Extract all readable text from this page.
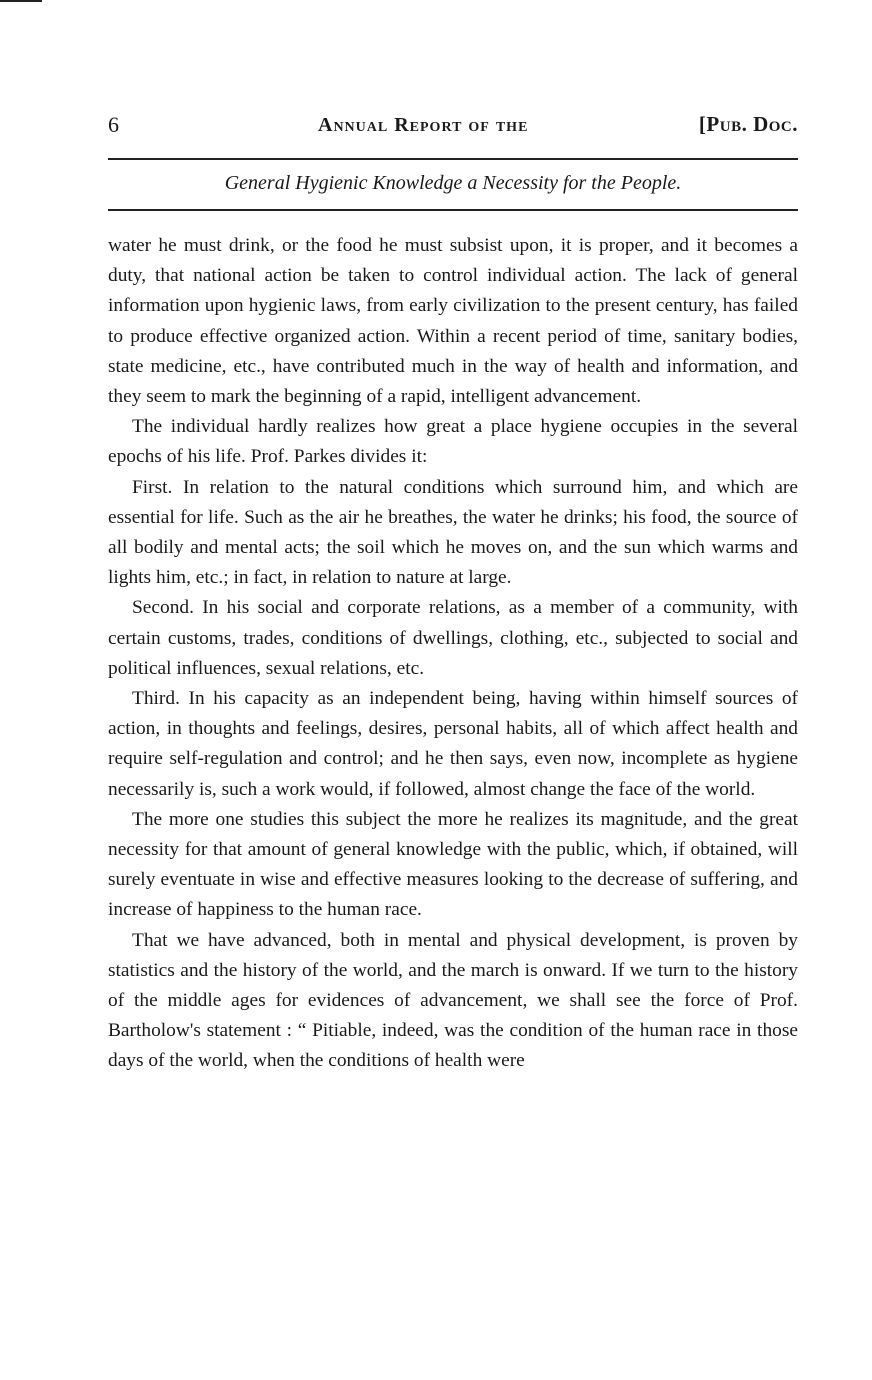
6	Annual Report of the	[Pub. Doc.
General Hygienic Knowledge a Necessity for the People.

water he must drink, or the food he must subsist upon, it is proper, and it becomes a duty, that national action be taken to control individual action. The lack of general information upon hygienic laws, from early civilization to the present century, has failed to produce effective organized action. Within a recent period of time, sanitary bodies, state medicine, etc., have contributed much in the way of health and information, and they seem to mark the beginning of a rapid, intelligent advancement.

The individual hardly realizes how great a place hygiene occupies in the several epochs of his life. Prof. Parkes divides it:

First. In relation to the natural conditions which surround him, and which are essential for life. Such as the air he breathes, the water he drinks; his food, the source of all bodily and mental acts; the soil which he moves on, and the sun which warms and lights him, etc.; in fact, in relation to nature at large.

Second. In his social and corporate relations, as a member of a community, with certain customs, trades, conditions of dwellings, clothing, etc., subjected to social and political influences, sexual relations, etc.

Third. In his capacity as an independent being, having within himself sources of action, in thoughts and feelings, desires, personal habits, all of which affect health and require self-regulation and control; and he then says, even now, incomplete as hygiene necessarily is, such a work would, if followed, almost change the face of the world.

The more one studies this subject the more he realizes its magnitude, and the great necessity for that amount of general knowledge with the public, which, if obtained, will surely eventuate in wise and effective measures looking to the decrease of suffering, and increase of happiness to the human race.

That we have advanced, both in mental and physical development, is proven by statistics and the history of the world, and the march is onward. If we turn to the history of the middle ages for evidences of advancement, we shall see the force of Prof. Bartholow's statement : “ Pitiable, indeed, was the condition of the human race in those days of the world, when the conditions of health were
